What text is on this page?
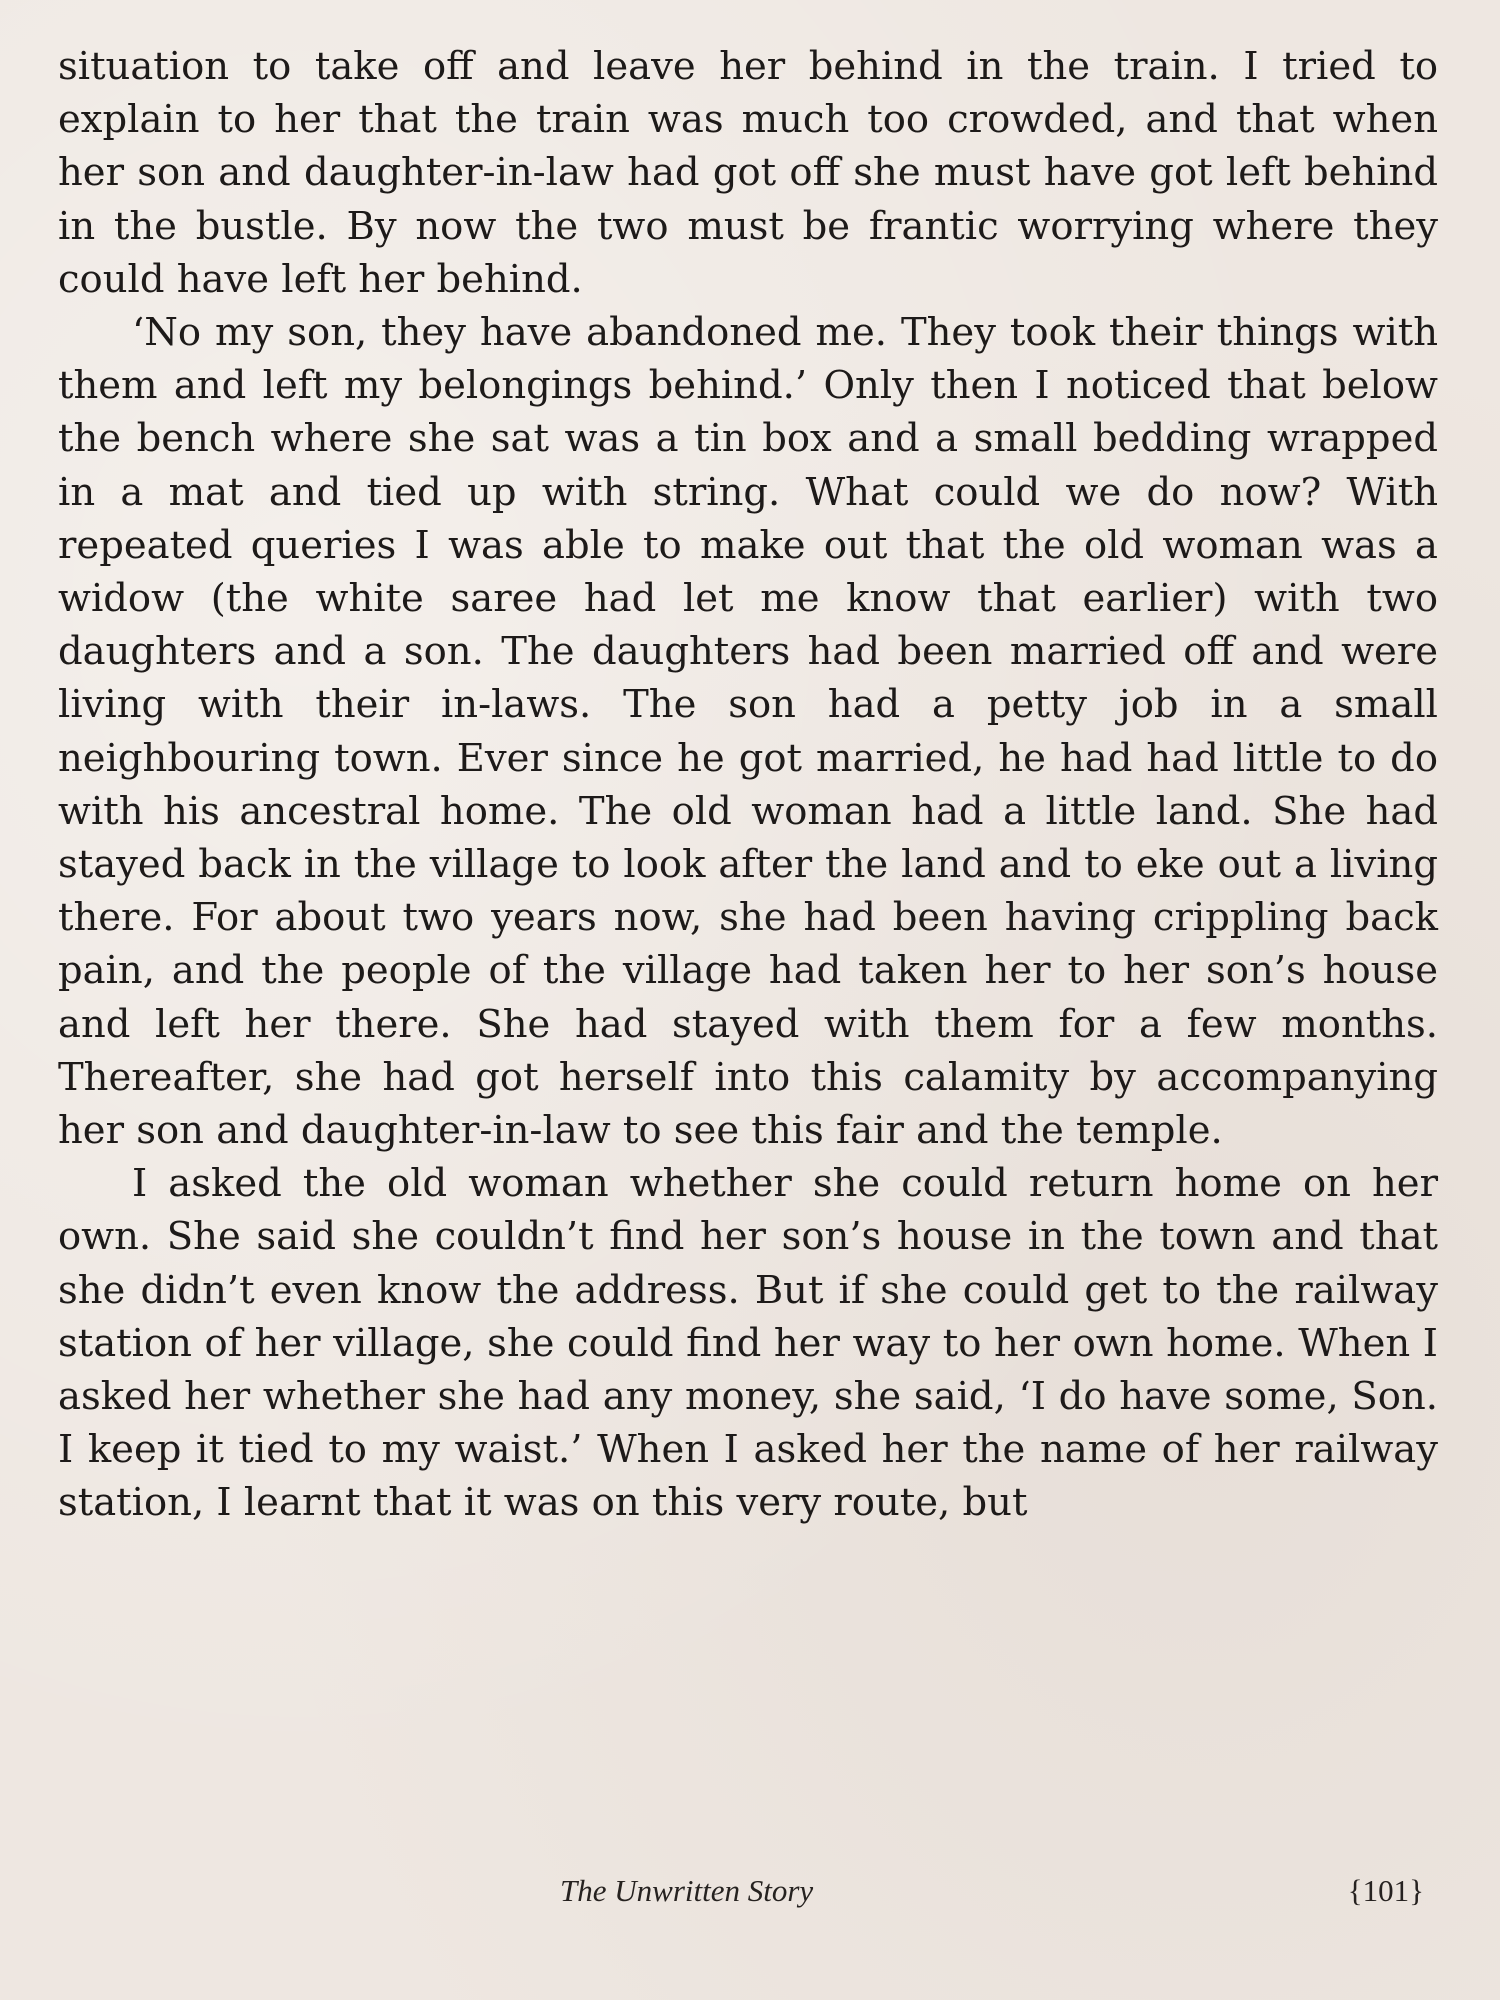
situation to take off and leave her behind in the train. I tried to explain to her that the train was much too crowded, and that when her son and daughter-in-law had got off she must have got left behind in the bustle. By now the two must be frantic worrying where they could have left her behind.

‘No my son, they have abandoned me. They took their things with them and left my belongings behind.’ Only then I noticed that below the bench where she sat was a tin box and a small bedding wrapped in a mat and tied up with string. What could we do now? With repeated queries I was able to make out that the old woman was a widow (the white saree had let me know that earlier) with two daughters and a son. The daughters had been married off and were living with their in-laws. The son had a petty job in a small neighbouring town. Ever since he got married, he had had little to do with his ancestral home. The old woman had a little land. She had stayed back in the village to look after the land and to eke out a living there. For about two years now, she had been having crippling back pain, and the people of the village had taken her to her son’s house and left her there. She had stayed with them for a few months. Thereafter, she had got herself into this calamity by accompanying her son and daughter-in-law to see this fair and the temple.

I asked the old woman whether she could return home on her own. She said she couldn’t find her son’s house in the town and that she didn’t even know the address. But if she could get to the railway station of her village, she could find her way to her own home. When I asked her whether she had any money, she said, ‘I do have some, Son. I keep it tied to my waist.’ When I asked her the name of her railway station, I learnt that it was on this very route, but

The Unwritten Story	{101}
